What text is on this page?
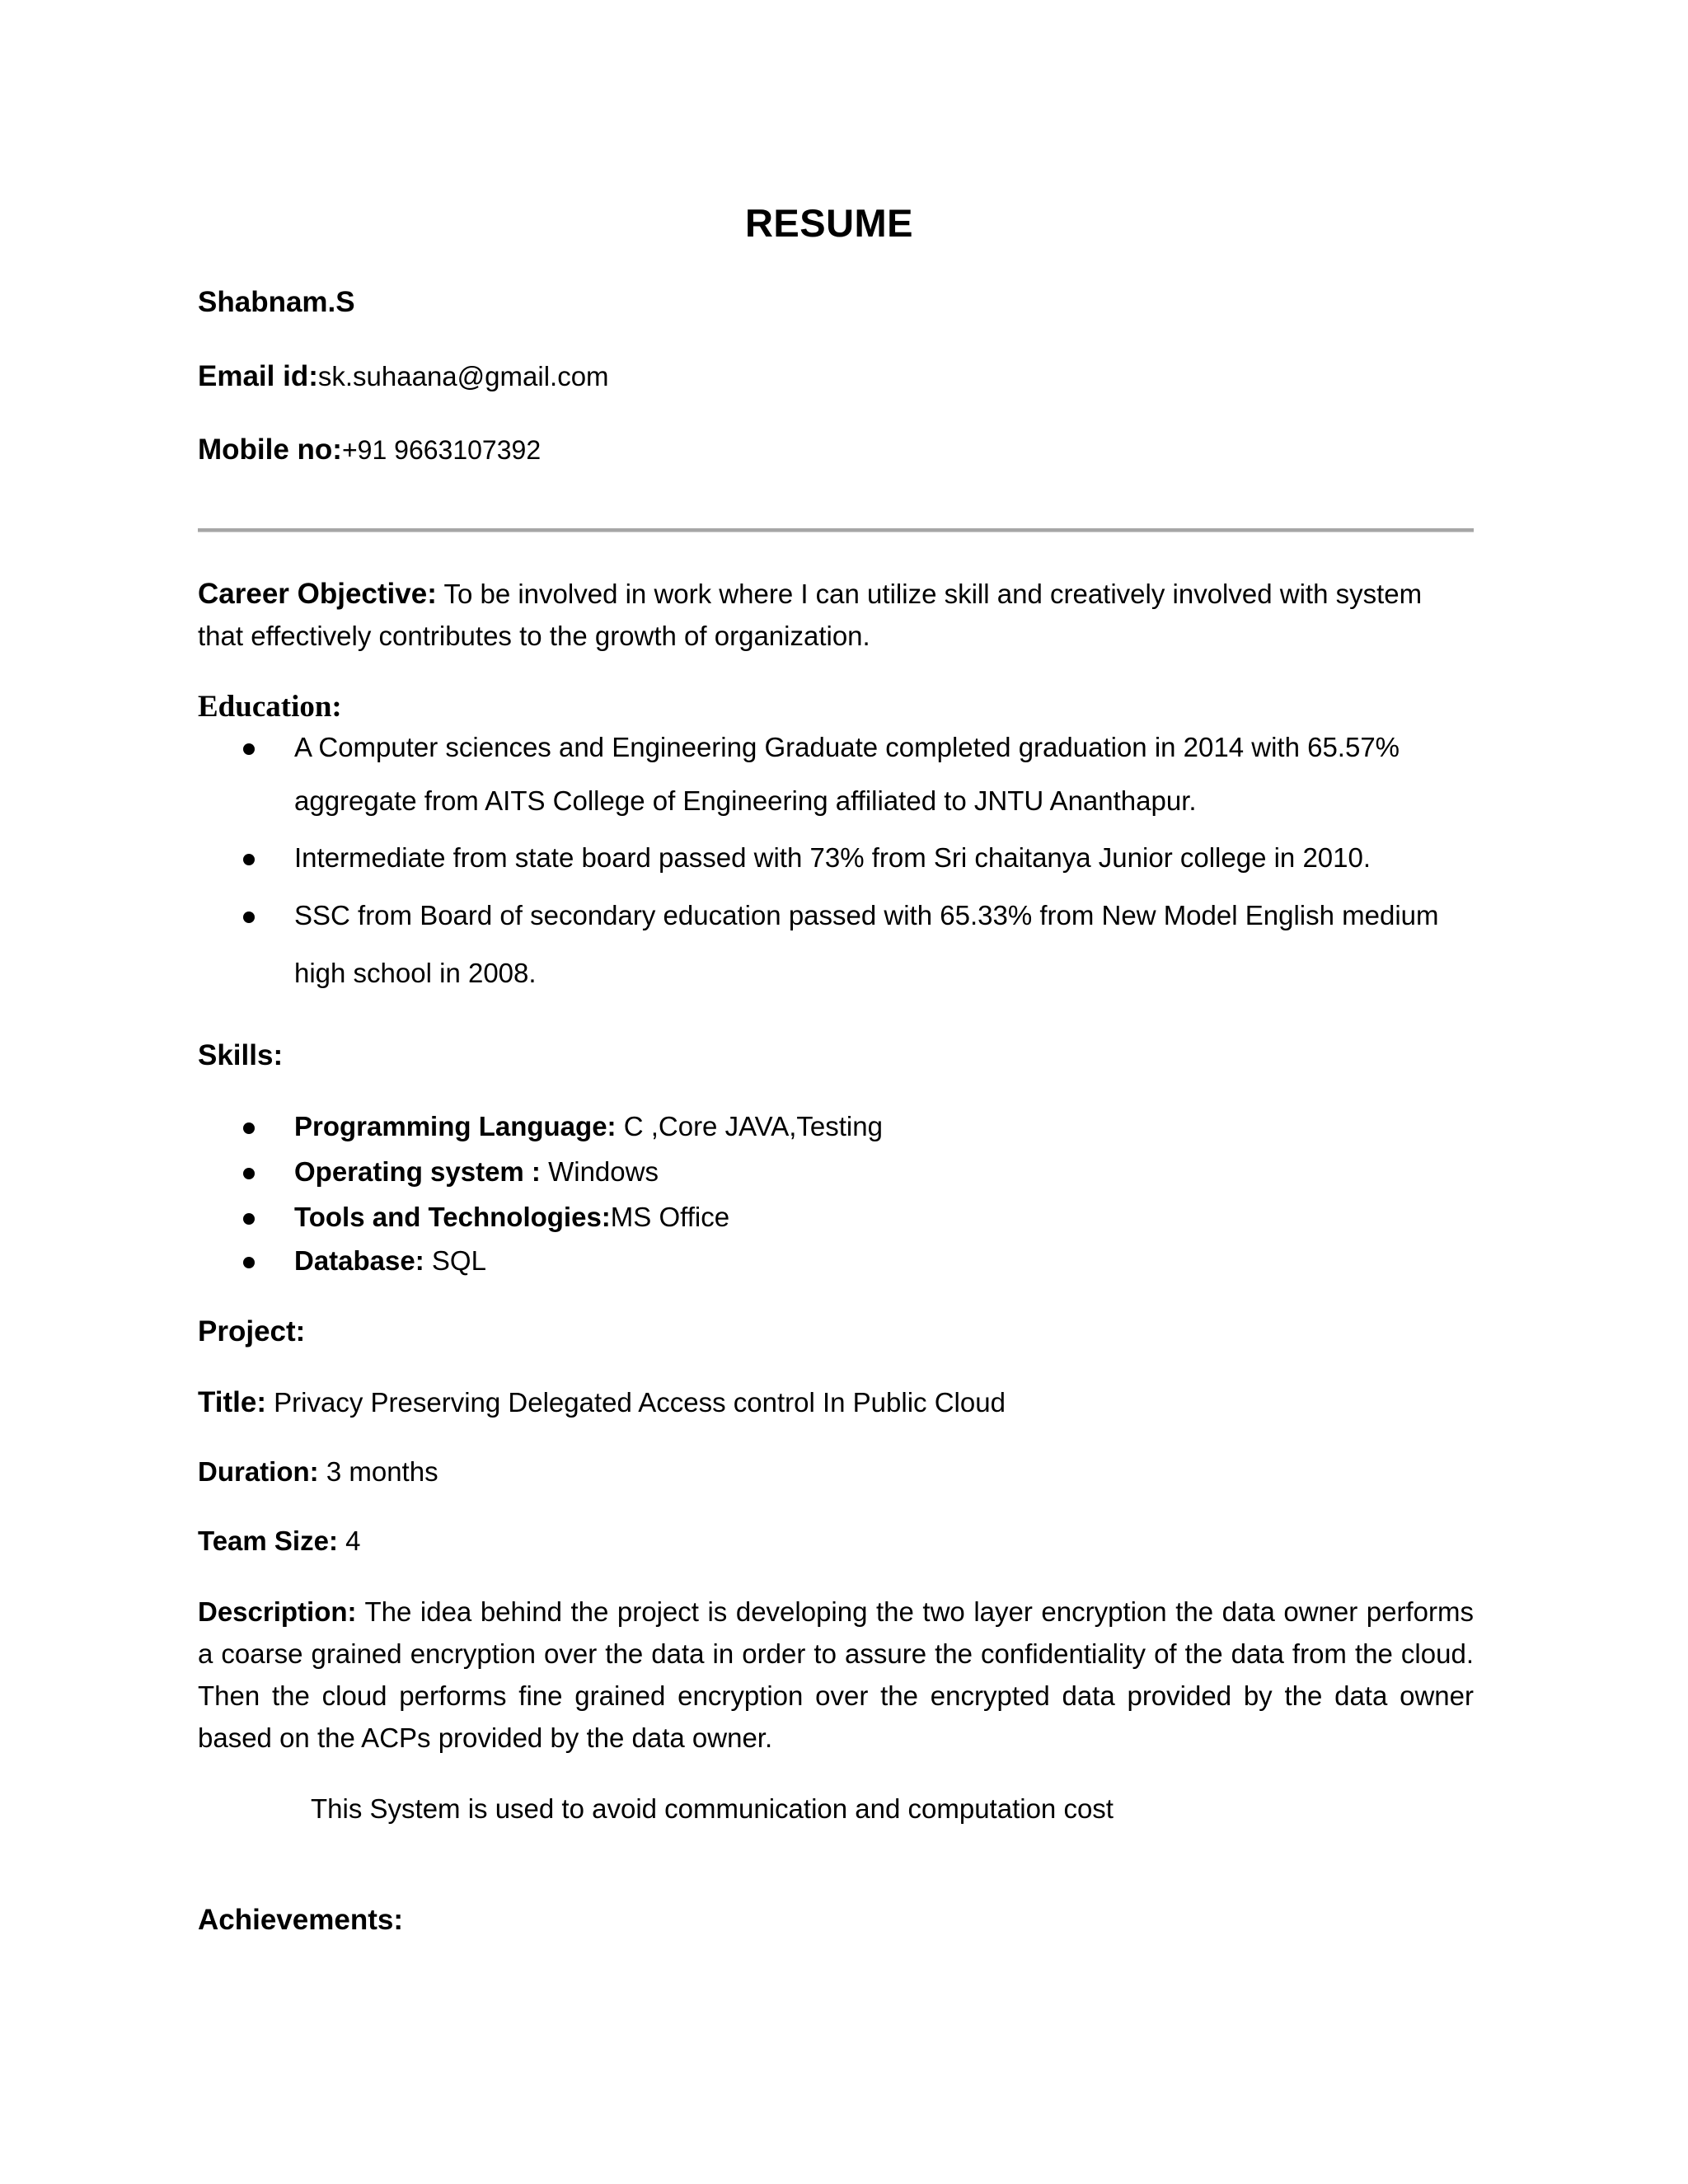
RESUME
Shabnam.S
Email id:sk.suhaana@gmail.com
Mobile no:+91 9663107392
Career Objective: To be involved in work where I can utilize skill and creatively involved with system
that effectively contributes to the growth of organization.
Education:
A Computer sciences and Engineering Graduate completed graduation in 2014 with 65.57%
aggregate from AITS College of Engineering affiliated to JNTU Ananthapur.
Intermediate from state board passed with 73% from Sri chaitanya Junior college in 2010.
SSC from Board of secondary education passed with 65.33% from New Model English medium
high school in 2008.
Skills:
Programming Language: C ,Core JAVA,Testing
Operating system : Windows
Tools and Technologies:MS Office
Database: SQL
Project:
Title: Privacy Preserving Delegated Access control In Public Cloud
Duration: 3 months
Team Size: 4
Description: The idea behind the project is developing the two layer encryption the data owner performs a coarse grained encryption over the data in order to assure the confidentiality of the data from the cloud. Then the cloud performs fine grained encryption over the encrypted data provided by the data owner based on the ACPs provided by the data owner.
This System is used to avoid communication and computation cost
Achievements:
